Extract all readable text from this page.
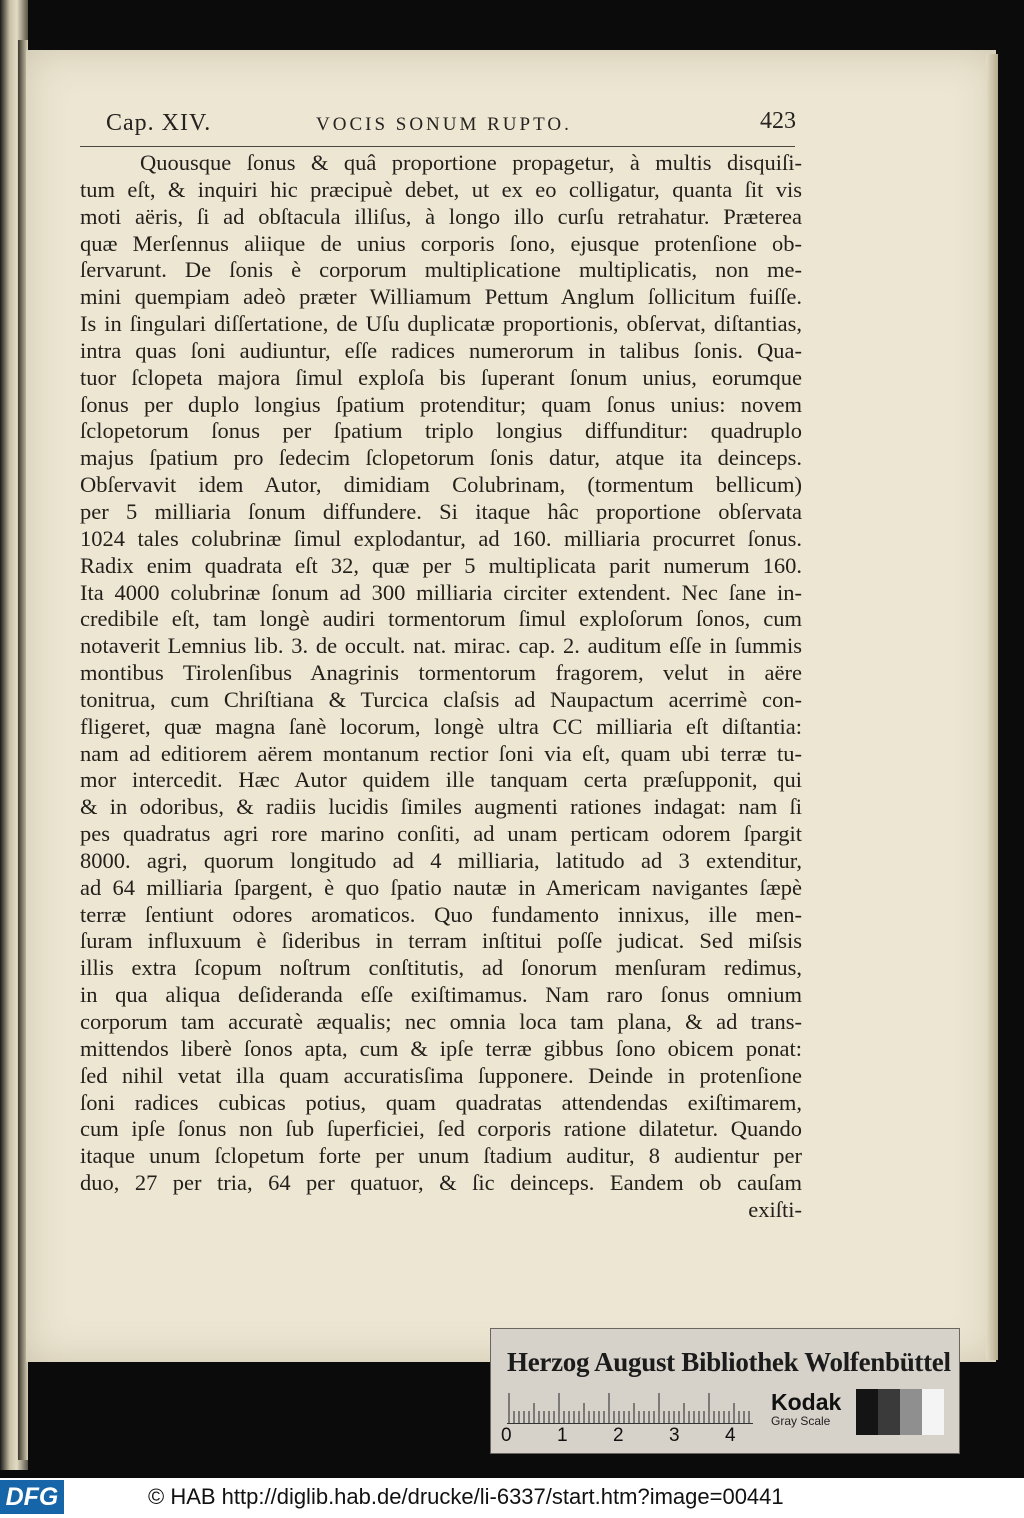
Cap. XIV.	VOCIS SONUM RUPTO.	423
Quousque ſonus & quâ proportione propagetur, à multis disquiſi-
tum eſt, & inquiri hic præcipuè debet, ut ex eo colligatur, quanta ſit vis
moti aëris, ſi ad obſtacula illiſus, à longo illo curſu retrahatur. Præterea
quæ Merſennus aliique de unius corporis ſono, ejusque protenſione ob-
ſervarunt. De ſonis è corporum multiplicatione multiplicatis, non me-
mini quempiam adeò præter Williamum Pettum Anglum ſollicitum fuiſſe.
Is in ſingulari diſſertatione, de Uſu duplicatæ proportionis, obſervat, diſtantias,
intra quas ſoni audiuntur, eſſe radices numerorum in talibus ſonis. Qua-
tuor ſclopeta majora ſimul exploſa bis ſuperant ſonum unius, eorumque
ſonus per duplo longius ſpatium protenditur; quam ſonus unius: novem
ſclopetorum ſonus per ſpatium triplo longius diffunditur: quadruplo
majus ſpatium pro ſedecim ſclopetorum ſonis datur, atque ita deinceps.
Obſervavit idem Autor, dimidiam Colubrinam, (tormentum bellicum)
per 5 milliaria ſonum diffundere. Si itaque hâc proportione obſervata
1024 tales colubrinæ ſimul explodantur, ad 160. milliaria procurret ſonus.
Radix enim quadrata eſt 32, quæ per 5 multiplicata parit numerum 160.
Ita 4000 colubrinæ ſonum ad 300 milliaria circiter extendent. Nec ſane in-
credibile eſt, tam longè audiri tormentorum ſimul exploſorum ſonos, cum
notaverit Lemnius lib. 3. de occult. nat. mirac. cap. 2. auditum eſſe in ſummis
montibus Tirolenſibus Anagrinis tormentorum fragorem, velut in aëre
tonitrua, cum Chriſtiana & Turcica claſsis ad Naupactum acerrimè con-
fligeret, quæ magna ſanè locorum, longè ultra CC milliaria eſt diſtantia:
nam ad editiorem aërem montanum rectior ſoni via eſt, quam ubi terræ tu-
mor intercedit. Hæc Autor quidem ille tanquam certa præſupponit, qui
& in odoribus, & radiis lucidis ſimiles augmenti rationes indagat: nam ſi
pes quadratus agri rore marino conſiti, ad unam perticam odorem ſpargit
8000. agri, quorum longitudo ad 4 milliaria, latitudo ad 3 extenditur,
ad 64 milliaria ſpargent, è quo ſpatio nautæ in Americam navigantes ſæpè
terræ ſentiunt odores aromaticos. Quo fundamento innixus, ille men-
ſuram influxuum è ſideribus in terram inſtitui poſſe judicat. Sed miſsis
illis extra ſcopum noſtrum conſtitutis, ad ſonorum menſuram redimus,
in qua aliqua deſideranda eſſe exiſtimamus. Nam raro ſonus omnium
corporum tam accuratè æqualis; nec omnia loca tam plana, & ad trans-
mittendos liberè ſonos apta, cum & ipſe terræ gibbus ſono obicem ponat:
ſed nihil vetat illa quam accuratisſima ſupponere. Deinde in protenſione
ſoni radices cubicas potius, quam quadratas attendendas exiſtimarem,
cum ipſe ſonus non ſub ſuperficiei, ſed corporis ratione dilatetur. Quando
itaque unum ſclopetum forte per unum ſtadium auditur, 8 audientur per
duo, 27 per tria, 64 per quatuor, & ſic deinceps. Eandem ob cauſam
exiſti-
Herzog August Bibliothek Wolfenbüttel
0 1 2 3 4
Kodak
Gray Scale
DFG	© HAB http://diglib.hab.de/drucke/li-6337/start.htm?image=00441
